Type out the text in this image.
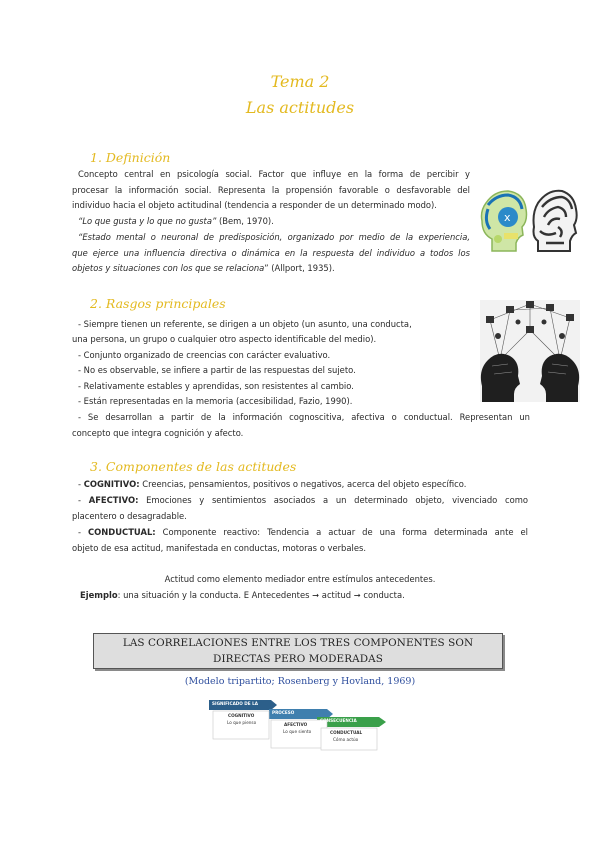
Tema 2
Las actitudes
1. Definición
Concepto central en psicología social. Factor que influye en la forma de percibir y
procesar la información social. Representa la propensión favorable o desfavorable del
individuo hacia el objeto actitudinal (tendencia a responder de un determinado modo).
“Lo que gusta y lo que no gusta” (Bem, 1970).
“Estado mental o neuronal de predisposición, organizado por medio de la experiencia,
que ejerce una influencia directiva o dinámica en la respuesta del individuo a todos los
objetos y situaciones con los que se relaciona” (Allport, 1935).
x
2. Rasgos principales
- Siempre tienen un referente, se dirigen a un objeto (un asunto, una conducta,
una persona, un grupo o cualquier otro aspecto identificable del medio).
- Conjunto organizado de creencias con carácter evaluativo.
- No es observable, se infiere a partir de las respuestas del sujeto.
- Relativamente estables y aprendidas, son resistentes al cambio.
- Están representadas en la memoria (accesibilidad, Fazio, 1990).
- Se desarrollan a partir de la información cognoscitiva, afectiva o conductual. Representan un
concepto que integra cognición y afecto.
3. Componentes de las actitudes
- COGNITIVO: Creencias, pensamientos, positivos o negativos, acerca del objeto específico.
- AFECTIVO: Emociones y sentimientos asociados a un determinado objeto, vivenciado como
placentero o desagradable.
- CONDUCTUAL: Componente reactivo: Tendencia a actuar de una forma determinada ante el
objeto de esa actitud, manifestada en conductas, motoras o verbales.
Actitud como elemento mediador entre estímulos antecedentes.
Ejemplo: una situación y la conducta. E Antecedentes ➞ actitud ➞ conducta.
LAS CORRELACIONES ENTRE LOS TRES COMPONENTES SON
DIRECTAS PERO MODERADAS
(Modelo tripartito; Rosenberg y Hovland, 1969)
SIGNIFICADO DE LA
PROCESO
CONSECUENCIA
COGNITIVO
Lo que pienso	AFECTIVO
Lo que siento	CONDUCTUAL
Cómo actúo
